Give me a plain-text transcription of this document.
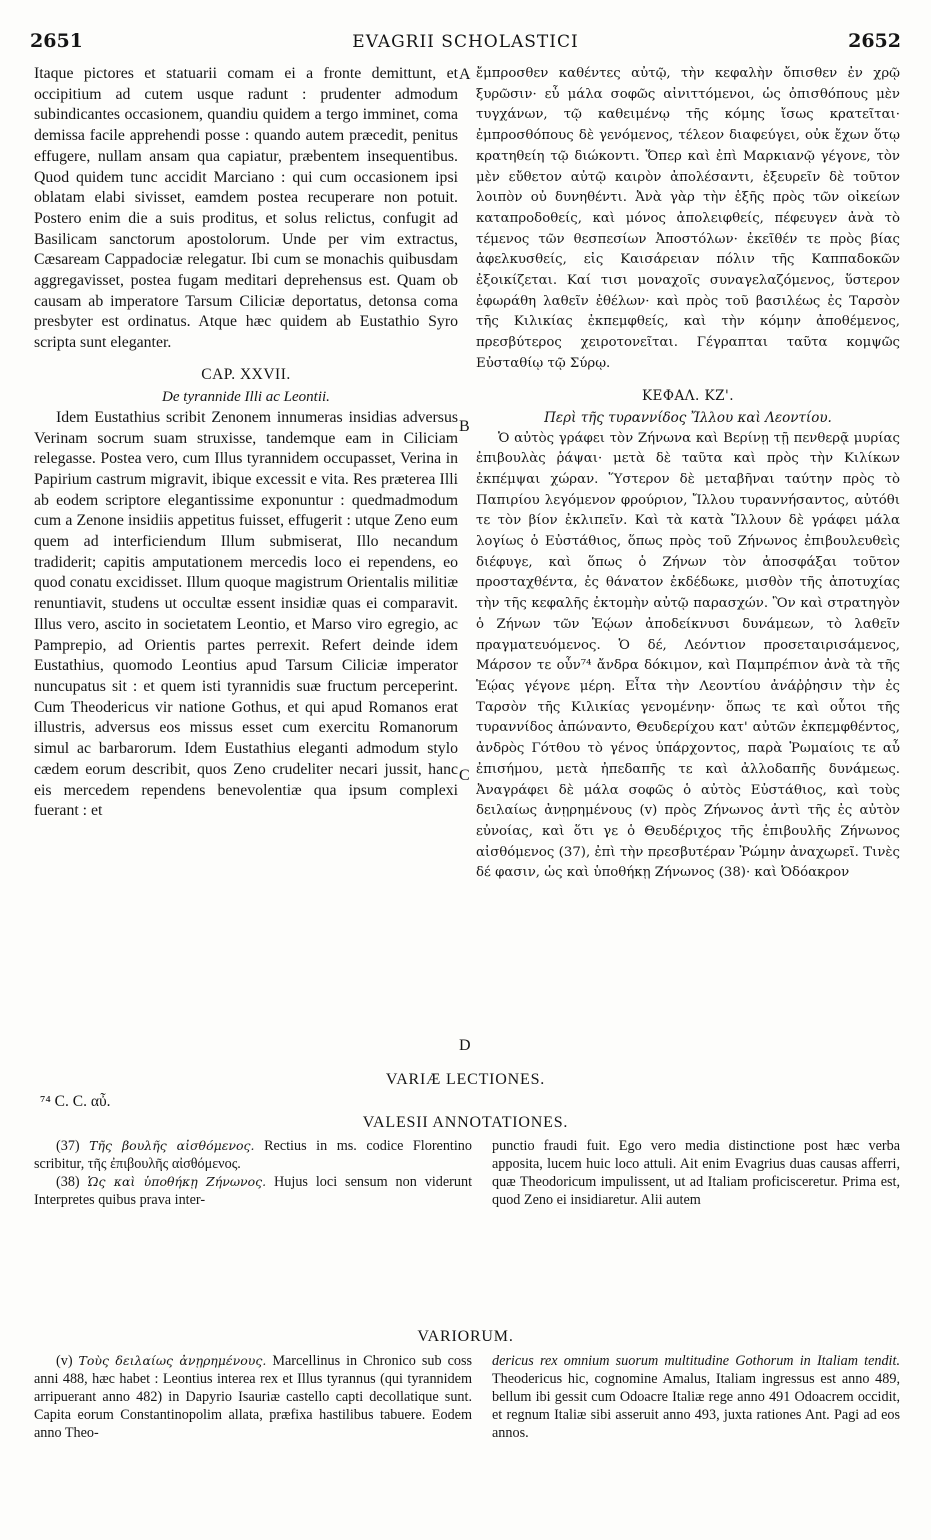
2651	EVAGRII SCHOLASTICI	2652

Itaque pictores et statuarii comam ei a fronte demittunt, et occipitium ad cutem usque radunt : prudenter admodum subindicantes occasionem, quandiu quidem a tergo imminet, coma demissa facile apprehendi posse : quando autem præcedit, penitus effugere, nullam ansam qua capiatur, præbentem insequentibus. Quod quidem tunc accidit Marciano : qui cum occasionem ipsi oblatam elabi sivisset, eamdem postea recuperare non potuit. Postero enim die a suis proditus, et solus relictus, confugit ad Basilicam sanctorum apostolorum. Unde per vim extractus, Cæsaream Cappadociæ relegatur. Ibi cum se monachis quibusdam aggregavisset, postea fugam meditari deprehensus est. Quam ob causam ab imperatore Tarsum Ciliciæ deportatus, detonsa coma presbyter est ordinatus. Atque hæc quidem ab Eustathio Syro scripta sunt eleganter.

CAP. XXVII.
De tyrannide Illi ac Leontii.

Idem Eustathius scribit Zenonem innumeras insidias adversus Verinam socrum suam struxisse, tandemque eam in Ciliciam relegasse. Postea vero, cum Illus tyrannidem occupasset, Verina in Papirium castrum migravit, ibique excessit e vita. Res præterea Illi ab eodem scriptore elegantissime exponuntur : quedmadmodum cum a Zenone insidiis appetitus fuisset, effugerit : utque Zeno eum quem ad interficiendum Illum submiserat, Illo necandum tradiderit; capitis amputationem mercedis loco ei rependens, eo quod conatu excidisset. Illum quoque magistrum Orientalis militiæ renuntiavit, studens ut occultæ essent insidiæ quas ei comparavit. Illus vero, ascito in societatem Leontio, et Marso viro egregio, ac Pamprepio, ad Orientis partes perrexit. Refert deinde idem Eustathius, quomodo Leontius apud Tarsum Ciliciæ imperator nuncupatus sit : et quem isti tyrannidis suæ fructum perceperint. Cum Theodericus vir natione Gothus, et qui apud Romanos erat illustris, adversus eos missus esset cum exercitu Romanorum simul ac barbarorum. Idem Eustathius eleganti admodum stylo cædem eorum describit, quos Zeno crudeliter necari jussit, hanc eis mercedem rependens benevolentiæ qua ipsum complexi fuerant : et

A
B
C
D

ἔμπροσθεν καθέντες αὐτῷ, τὴν κεφαλὴν ὄπισθεν ἐν χρῷ ξυρῶσιν· εὖ μάλα σοφῶς αἰνιττόμενοι, ὡς ὀπισθόπους μὲν τυγχάνων, τῷ καθειμένῳ τῆς κόμης ἴσως κρατεῖται· ἐμπροσθόπους δὲ γενόμενος, τέλεον διαφεύγει, οὐκ ἔχων ὅτῳ κρατηθείη τῷ διώκοντι. Ὅπερ καὶ ἐπὶ Μαρκιανῷ γέγονε, τὸν μὲν εὔθετον αὐτῷ καιρὸν ἀπολέσαντι, ἐξευρεῖν δὲ τοῦτον λοιπὸν οὐ δυνηθέντι. Ἀνὰ γὰρ τὴν ἑξῆς πρὸς τῶν οἰκείων καταπροδοθείς, καὶ μόνος ἀπολειφθείς, πέφευγεν ἀνὰ τὸ τέμενος τῶν θεσπεσίων Ἀποστόλων· ἐκεῖθέν τε πρὸς βίας ἀφελκυσθείς, εἰς Καισάρειαν πόλιν τῆς Καππαδοκῶν ἐξοικίζεται. Καί τισι μοναχοῖς συναγελαζόμενος, ὕστερον ἐφωράθη λαθεῖν ἐθέλων· καὶ πρὸς τοῦ βασιλέως ἐς Ταρσὸν τῆς Κιλικίας ἐκπεμφθείς, καὶ τὴν κόμην ἀποθέμενος, πρεσβύτερος χειροτονεῖται. Γέγραπται ταῦτα κομψῶς Εὐσταθίῳ τῷ Σύρῳ.

ΚΕΦΑΛ. ΚΖ'.
Περὶ τῆς τυραννίδος Ἴλλου καὶ Λεοντίου.

Ὁ αὐτὸς γράφει τὸν Ζήνωνα καὶ Βερίνῃ τῇ πενθερᾷ μυρίας ἐπιβουλὰς ῥάψαι· μετὰ δὲ ταῦτα καὶ πρὸς τὴν Κιλίκων ἐκπέμψαι χώραν. Ὕστερον δὲ μεταβῆναι ταύτην πρὸς τὸ Παπιρίου λεγόμενον φρούριον, Ἴλλου τυραννήσαντος, αὐτόθι τε τὸν βίον ἐκλιπεῖν. Καὶ τὰ κατὰ Ἴλλουν δὲ γράφει μάλα λογίως ὁ Εὐστάθιος, ὅπως πρὸς τοῦ Ζήνωνος ἐπιβουλευθεὶς διέφυγε, καὶ ὅπως ὁ Ζήνων τὸν ἀποσφάξαι τοῦτον προσταχθέντα, ἐς θάνατον ἐκδέδωκε, μισθὸν τῆς ἀποτυχίας τὴν τῆς κεφαλῆς ἐκτομὴν αὐτῷ παρασχών. Ὃν καὶ στρατηγὸν ὁ Ζήνων τῶν Ἑῴων ἀποδείκνυσι δυνάμεων, τὸ λαθεῖν πραγματευόμενος. Ὁ δέ, Λεόντιον προσεταιρισάμενος, Μάρσον τε οὖν⁷⁴ ἄνδρα δόκιμον, καὶ Παμπρέπιον ἀνὰ τὰ τῆς Ἑῴας γέγονε μέρη. Εἶτα τὴν Λεοντίου ἀνάῤῥησιν τὴν ἐς Ταρσὸν τῆς Κιλικίας γενομένην· ὅπως τε καὶ οὗτοι τῆς τυραννίδος ἀπώναντο, Θευδερίχου κατ' αὐτῶν ἐκπεμφθέντος, ἀνδρὸς Γότθου τὸ γένος ὑπάρχοντος, παρὰ Ῥωμαίοις τε αὖ ἐπισήμου, μετὰ ἠπεδαπῆς τε καὶ ἀλλοδαπῆς δυνάμεως. Ἀναγράφει δὲ μάλα σοφῶς ὁ αὐτὸς Εὐστάθιος, καὶ τοὺς δειλαίως ἀνῃρημένους (v) πρὸς Ζήνωνος ἀντὶ τῆς ἐς αὐτὸν εὐνοίας, καὶ ὅτι γε ὁ Θευδέριχος τῆς ἐπιβουλῆς Ζήνωνος αἰσθόμενος (37), ἐπὶ τὴν πρεσβυτέραν Ῥώμην ἀναχωρεῖ. Τινὲς δέ φασιν, ὡς καὶ ὑποθήκῃ Ζήνωνος (38)· καὶ Ὀδόακρον

VARIÆ LECTIONES.
⁷⁴ C. C. αὖ.
VALESII ANNOTATIONES.

(37) Τῆς βουλῆς αἰσθόμενος. Rectius in ms. codice Florentino scribitur, τῆς ἐπιβουλῆς αἰσθόμενος.

(38) Ὡς καὶ ὑποθήκῃ Ζήνωνος. Hujus loci sensum non viderunt Interpretes quibus prava inter-

punctio fraudi fuit. Ego vero media distinctione post hæc verba apposita, lucem huic loco attuli. Ait enim Evagrius duas causas afferri, quæ Theodoricum impulissent, ut ad Italiam proficisceretur. Prima est, quod Zeno ei insidiaretur. Alii autem

VARIORUM.

(v) Τοὺς δειλαίως ἀνῃρημένους. Marcellinus in Chronico sub coss anni 488, hæc habet : Leontius interea rex et Illus tyrannus (qui tyrannidem arripuerant anno 482) in Dapyrio Isauriæ castello capti decollatique sunt. Capita eorum Constantinopolim allata, præfixa hastilibus tabuere. Eodem anno Theo-

dericus rex omnium suorum multitudine Gothorum in Italiam tendit. Theodericus hic, cognomine Amalus, Italiam ingressus est anno 489, bellum ibi gessit cum Odoacre Italiæ rege anno 491 Odoacrem occidit, et regnum Italiæ sibi asseruit anno 493, juxta rationes Ant. Pagi ad eos annos.
